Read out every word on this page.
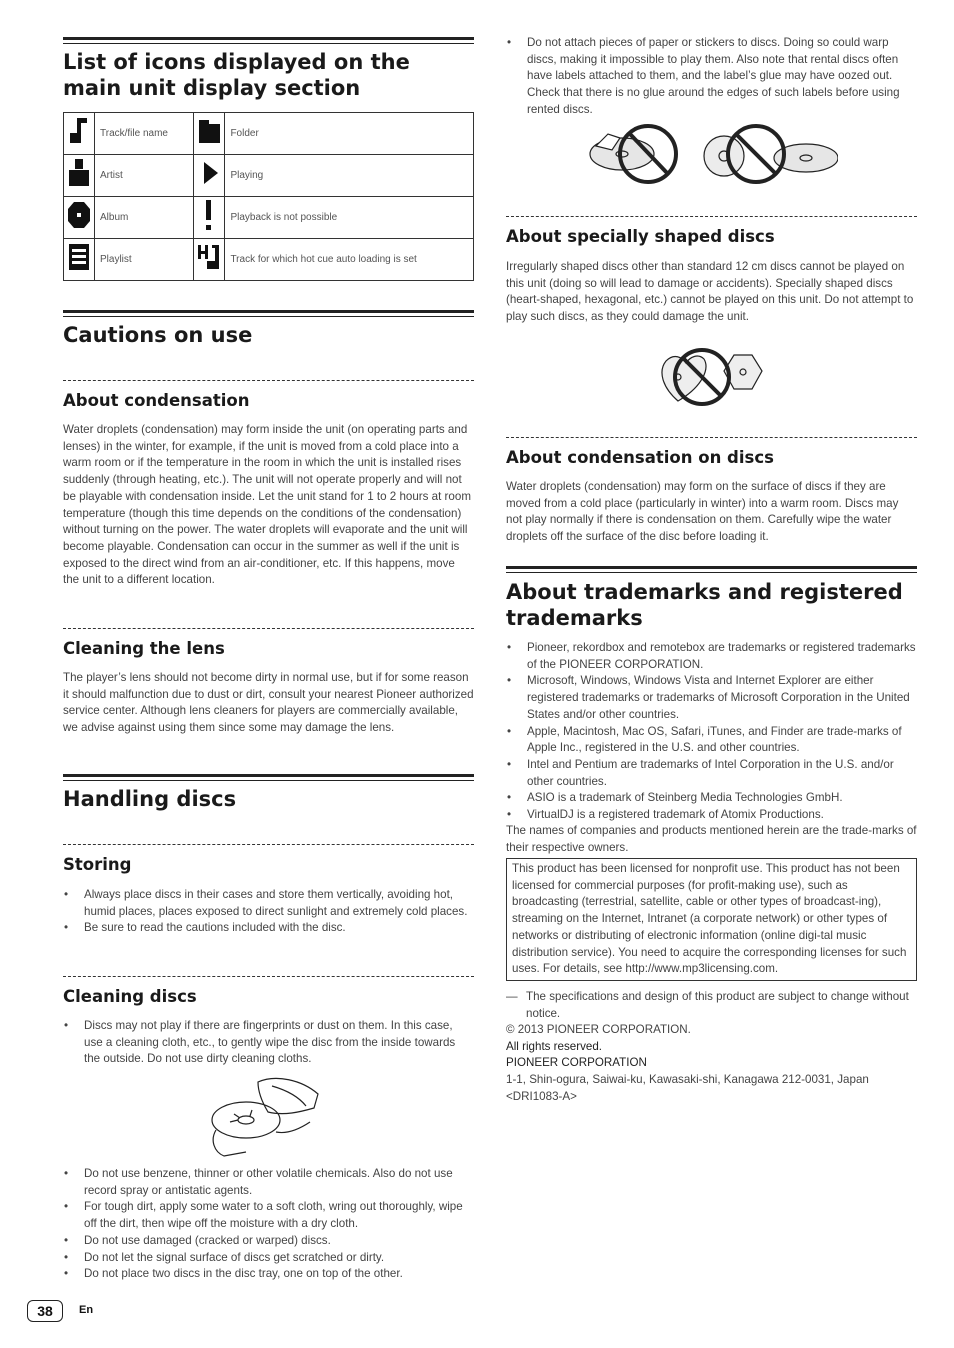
List of icons displayed on the main unit display section
	Track/file name		Folder
	Artist		Playing
	Album		Playback is not possible
	Playlist		Track for which hot cue auto loading is set
Cautions on use
About condensation

Water droplets (condensation) may form inside the unit (on operating parts and lenses) in the winter, for example, if the unit is moved from a cold place into a warm room or if the temperature in the room in which the unit is installed rises suddenly (through heating, etc.). The unit will not operate properly and will not be playable with condensation inside. Let the unit stand for 1 to 2 hours at room temperature (though this time depends on the conditions of the condensation) without turning on the power. The water droplets will evaporate and the unit will become playable. Condensation can occur in the summer as well if the unit is exposed to the direct wind from an air-conditioner, etc. If this happens, move the unit to a different location.

Cleaning the lens

The player’s lens should not become dirty in normal use, but if for some reason it should malfunction due to dust or dirt, consult your nearest Pioneer authorized service center. Although lens cleaners for players are commercially available, we advise against using them since some may damage the lens.

Handling discs
Storing
• Always place discs in their cases and store them vertically, avoiding hot, humid places, places exposed to direct sunlight and extremely cold places.
• Be sure to read the cautions included with the disc.
Cleaning discs
• Discs may not play if there are fingerprints or dust on them. In this case, use a cleaning cloth, etc., to gently wipe the disc from the inside towards the outside. Do not use dirty cleaning cloths.
• Do not use benzene, thinner or other volatile chemicals. Also do not use record spray or antistatic agents.
• For tough dirt, apply some water to a soft cloth, wring out thoroughly, wipe off the dirt, then wipe off the moisture with a dry cloth.
• Do not use damaged (cracked or warped) discs.
• Do not let the signal surface of discs get scratched or dirty.
• Do not place two discs in the disc tray, one on top of the other.
• Do not attach pieces of paper or stickers to discs. Doing so could warp discs, making it impossible to play them. Also note that rental discs often have labels attached to them, and the label’s glue may have oozed out. Check that there is no glue around the edges of such labels before using rented discs.
About specially shaped discs

Irregularly shaped discs other than standard 12 cm discs cannot be played on this unit (doing so will lead to damage or accidents). Specially shaped discs (heart-shaped, hexagonal, etc.) cannot be played on this unit. Do not attempt to play such discs, as they could damage the unit.

About condensation on discs

Water droplets (condensation) may form on the surface of discs if they are moved from a cold place (particularly in winter) into a warm room. Discs may not play normally if there is condensation on them. Carefully wipe the water droplets off the surface of the disc before loading it.

About trademarks and registered trademarks
• Pioneer, rekordbox and remotebox are trademarks or registered trademarks of the PIONEER CORPORATION.
• Microsoft, Windows, Windows Vista and Internet Explorer are either registered trademarks or trademarks of Microsoft Corporation in the United States and/or other countries.
• Apple, Macintosh, Mac OS, Safari, iTunes, and Finder are trade-marks of Apple Inc., registered in the U.S. and other countries.
• Intel and Pentium are trademarks of Intel Corporation in the U.S. and/or other countries.
• ASIO is a trademark of Steinberg Media Technologies GmbH.
• VirtualDJ is a registered trademark of Atomix Productions.

The names of companies and products mentioned herein are the trade-marks of their respective owners.

This product has been licensed for nonprofit use. This product has not been licensed for commercial purposes (for profit-making use), such as broadcasting (terrestrial, satellite, cable or other types of broadcast-ing), streaming on the Internet, Intranet (a corporate network) or other types of networks or distributing of electronic information (online digi-tal music distribution service). You need to acquire the corresponding licenses for such uses. For details, see http://www.mp3licensing.com.

— The specifications and design of this product are subject to change without notice.

© 2013 PIONEER CORPORATION.

All rights reserved.

PIONEER CORPORATION

1-1, Shin-ogura, Saiwai-ku, Kawasaki-shi, Kanagawa 212-0031, Japan

<DRI1083-A>

38	En
